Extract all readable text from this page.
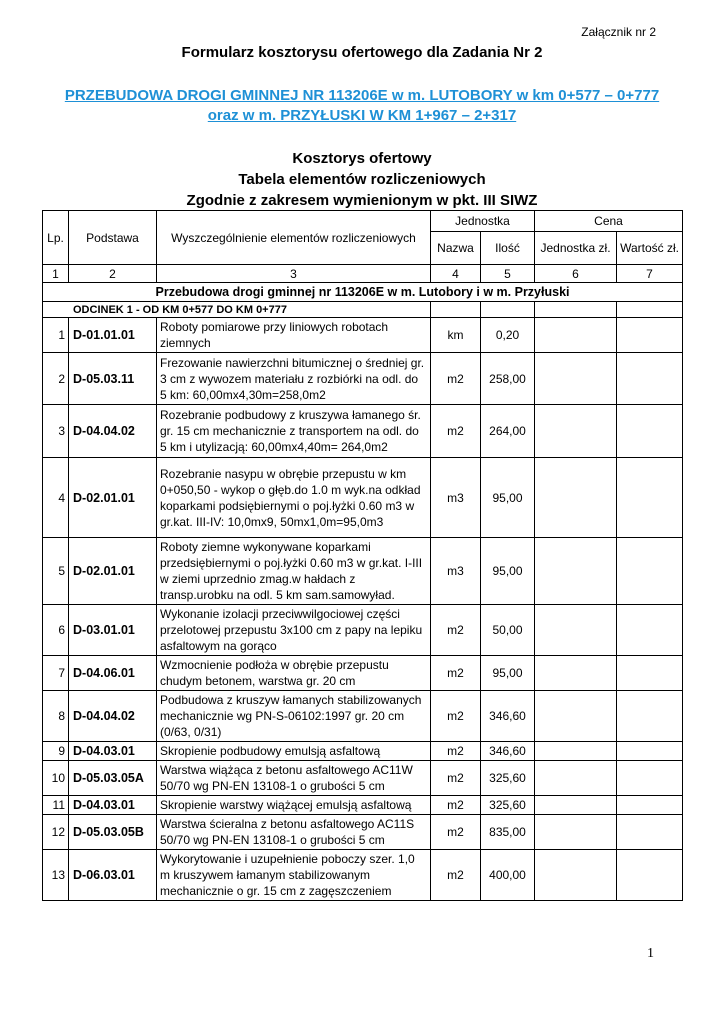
Załącznik nr 2
Formularz kosztorysu ofertowego dla Zadania Nr 2
PRZEBUDOWA DROGI GMINNEJ NR 113206E w m. LUTOBORY w km 0+577 – 0+777
oraz w m. PRZYŁUSKI W KM 1+967 – 2+317
Kosztorys ofertowy
Tabela elementów rozliczeniowych
Zgodnie z zakresem wymienionym w pkt. III SIWZ
Lp.	Podstawa	Wyszczególnienie elementów rozliczeniowych	Jednostka		Cena	
			Nazwa	Ilość	Jednostka zł.	Wartość zł.
1	2	3	4	5	6	7
Przebudowa drogi gminnej nr 113206E w m. Lutobory i w m. Przyłuski						
ODCINEK 1 - OD KM 0+577 DO KM 0+777						
1	D-01.01.01	Roboty pomiarowe przy liniowych robotach ziemnych	km	0,20		
2	D-05.03.11	Frezowanie nawierzchni bitumicznej o średniej gr. 3 cm z wywozem materiału z rozbiórki na odl. do 5 km: 60,00mx4,30m=258,0m2	m2	258,00		
3	D-04.04.02	Rozebranie podbudowy z kruszywa łamanego śr. gr. 15 cm mechanicznie z transportem na odl. do 5 km i utylizacją: 60,00mx4,40m= 264,0m2	m2	264,00		
4	D-02.01.01	Rozebranie nasypu w obrębie przepustu w km 0+050,50 - wykop o głęb.do 1.0 m wyk.na odkład koparkami podsiębiernymi o poj.łyżki 0.60 m3 w gr.kat. III-IV: 10,0mx9, 50mx1,0m=95,0m3	m3	95,00		
5	D-02.01.01	Roboty ziemne wykonywane koparkami przedsiębiernymi o poj.łyżki 0.60 m3 w gr.kat. I-III w ziemi uprzednio zmag.w hałdach z transp.urobku na odl. 5 km sam.samowyład.	m3	95,00		
6	D-03.01.01	Wykonanie izolacji przeciwwilgociowej części przelotowej przepustu 3x100 cm z papy na lepiku asfaltowym na gorąco	m2	50,00		
7	D-04.06.01	Wzmocnienie podłoża w obrębie przepustu chudym betonem, warstwa gr. 20 cm	m2	95,00		
8	D-04.04.02	Podbudowa z kruszyw łamanych stabilizowanych mechanicznie wg PN-S-06102:1997 gr. 20 cm (0/63, 0/31)	m2	346,60		
9	D-04.03.01	Skropienie podbudowy emulsją asfaltową	m2	346,60		
10	D-05.03.05A	Warstwa wiążąca z betonu asfaltowego AC11W 50/70 wg PN-EN 13108-1 o grubości 5 cm	m2	325,60		
11	D-04.03.01	Skropienie warstwy wiążącej emulsją asfaltową	m2	325,60		
12	D-05.03.05B	Warstwa ścieralna z betonu asfaltowego AC11S 50/70 wg PN-EN 13108-1 o grubości 5 cm	m2	835,00		
13	D-06.03.01	Wykorytowanie i uzupełnienie poboczy szer. 1,0 m kruszywem łamanym stabilizowanym mechanicznie o gr. 15 cm z zagęszczeniem	m2	400,00		
1
